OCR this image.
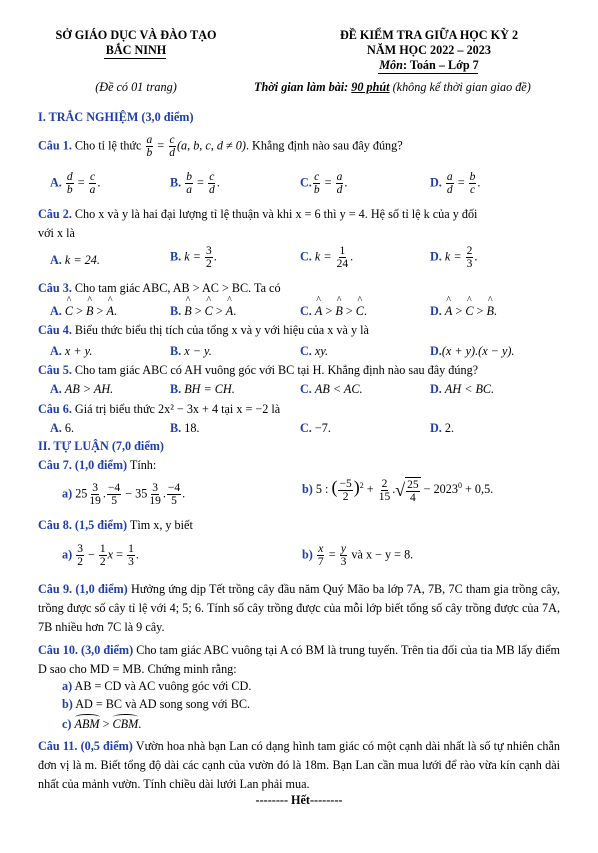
SỞ GIÁO DỤC VÀ ĐÀO TẠO
BẮC NINH
(Đề có 01 trang)
ĐỀ KIỂM TRA GIỮA HỌC KỲ 2
NĂM HỌC 2022 – 2023
Môn: Toán – Lớp 7
Thời gian làm bài: 90 phút (không kể thời gian giao đề)
I. TRẮC NGHIỆM (3,0 điểm)
Câu 1. Cho tỉ lệ thức $\frac{a}{b} = \frac{c}{d} (a$, b, c, d ≠ 0). Khẳng định nào sau đây đúng?
A. $\frac{d}{b} = \frac{c}{a}$ .	B. $\frac{b}{a} = \frac{c}{d}$ .	C. $\frac{c}{b} = \frac{a}{d}$ .	D. $\frac{a}{d} = \frac{b}{c}$ .
Câu 2. Cho x và y là hai đại lượng tỉ lệ thuận và khi x = 6 thì y = 4. Hệ số tỉ lệ k của y đối
với x là
A. k = 24.	B. $k = \frac{3}{2}$ .	C. $k = \frac{1}{24}$ .	D. $k = \frac{2}{3}$ .
Câu 3. Cho tam giác ABC, AB > AC > BC. Ta có
A. ^ C > ^ B > ^ A.	B. ^ B > ^ C > ^ A.	C. ^ A > ^ B > ^ C.	D. ^ A > ^ C > ^ B.
Câu 4. Biểu thức biểu thị tích của tổng x và y với hiệu của x và y là
A. x + y.	B. x − y.	C. xy.	D.(x + y).(x − y).
Câu 5. Cho tam giác ABC có AH vuông góc với BC tại H. Khẳng định nào sau đây đúng?
A. AB > AH.	B. BH = CH.	C. AB < AC.	D. AH < BC.
Câu 6. Giá trị biểu thức 2x² − 3x + 4 tại x = −2 là
A. 6.	B. 18.	C. −7.	D. 2.
II. TỰ LUẬN (7,0 điểm)
Câu 7. (1,0 điểm) Tính:
a) $25 \frac{3}{19}$ . $\frac{-4}{5} - 35 \frac{3}{19}$ . $\frac{-4}{5}$ .	b) 5 : ( $\frac{-5}{2} )^2 + \frac{2}{15}$ . √ $\frac{25}{4} - 2023^0 + 0,5$.
Câu 8. (1,5 điểm) Tìm x, y biết
$a) \frac{3}{2} - \frac{1}{2}$ $x = \frac{1}{3}$ .	$b) \frac{x}{7} = \frac{y}{3}$ và x − y = 8.
Câu 9. (1,0 điểm) Hưởng ứng dịp Tết trồng cây đầu năm Quý Mão ba lớp 7A, 7B, 7C tham gia trồng cây, trồng được số cây tỉ lệ với 4; 5; 6. Tính số cây trồng được của mỗi lớp biết tổng số cây trồng được của 7A, 7B nhiều hơn 7C là 9 cây.
Câu 10. (3,0 điểm) Cho tam giác ABC vuông tại A có BM là trung tuyến. Trên tia đối của tia MB lấy điểm D sao cho MD = MB. Chứng minh rằng:
a) AB = CD và AC vuông góc với CD.
b) AD = BC và AD song song với BC.
c) ABM > CBM.
Câu 11. (0,5 điểm) Vườn hoa nhà bạn Lan có dạng hình tam giác có một cạnh dài nhất là số tự nhiên chẵn đơn vị là m. Biết tổng độ dài các cạnh của vườn đó là 18m. Bạn Lan cần mua lưới để rào vừa kín cạnh dài nhất của mảnh vườn. Tính chiều dài lưới Lan phải mua.
-------- Hết--------
